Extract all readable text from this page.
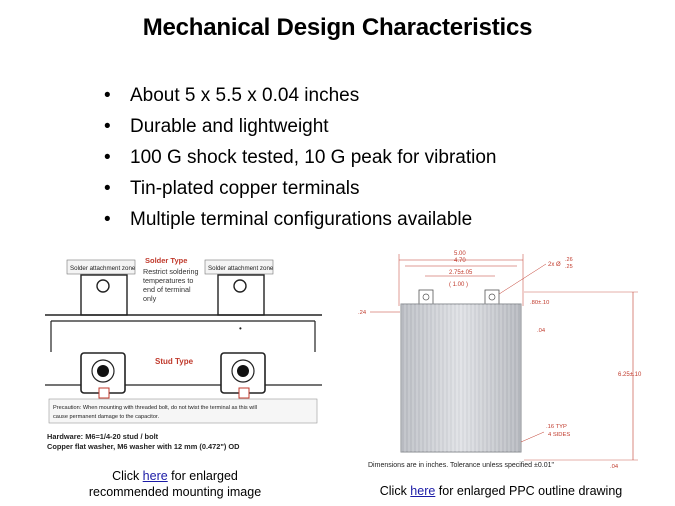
Mechanical Design Characteristics
• About 5 x 5.5 x 0.04 inches
• Durable and lightweight
• 100 G shock tested, 10 G peak for vibration
• Tin-plated copper terminals
• Multiple terminal configurations available
Solder attachment zone	Solder attachment zone
Solder Type
Restrict soldering
temperatures to
end of terminal
only
•
Stud Type
Precaution: When mounting with threaded bolt, do not twist the terminal as this will
cause permanent damage to the capacitor.
Hardware: M6=1/4-20 stud / bolt
Copper flat washer, M6 washer with 12 mm (0.472") OD
5.00
4.70
2.75±.05
( 1.00 )
2x Ø
.26
.25
.80±.10
.04
.24
6.25±.10
.16 TYP
4 SIDES
Dimensions are in inches. Tolerance unless specified ±0.01"	.04
Click here for enlarged
recommended mounting image	Click here for enlarged PPC outline drawing
